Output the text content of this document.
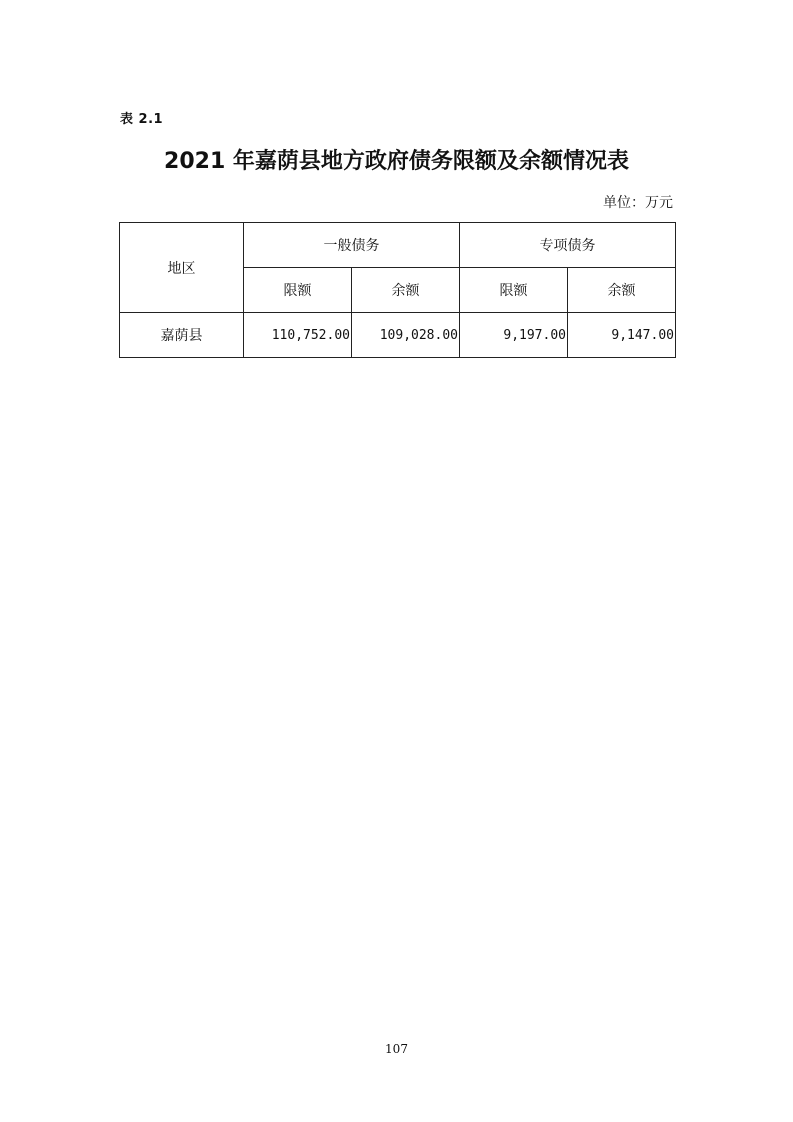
表 2.1
2021 年嘉荫县地方政府债务限额及余额情况表
单位：万元
地区	一般债务		专项债务	
	限额	余额	限额	余额
嘉荫县	110,752.00	109,028.00	9,197.00	9,147.00
107
